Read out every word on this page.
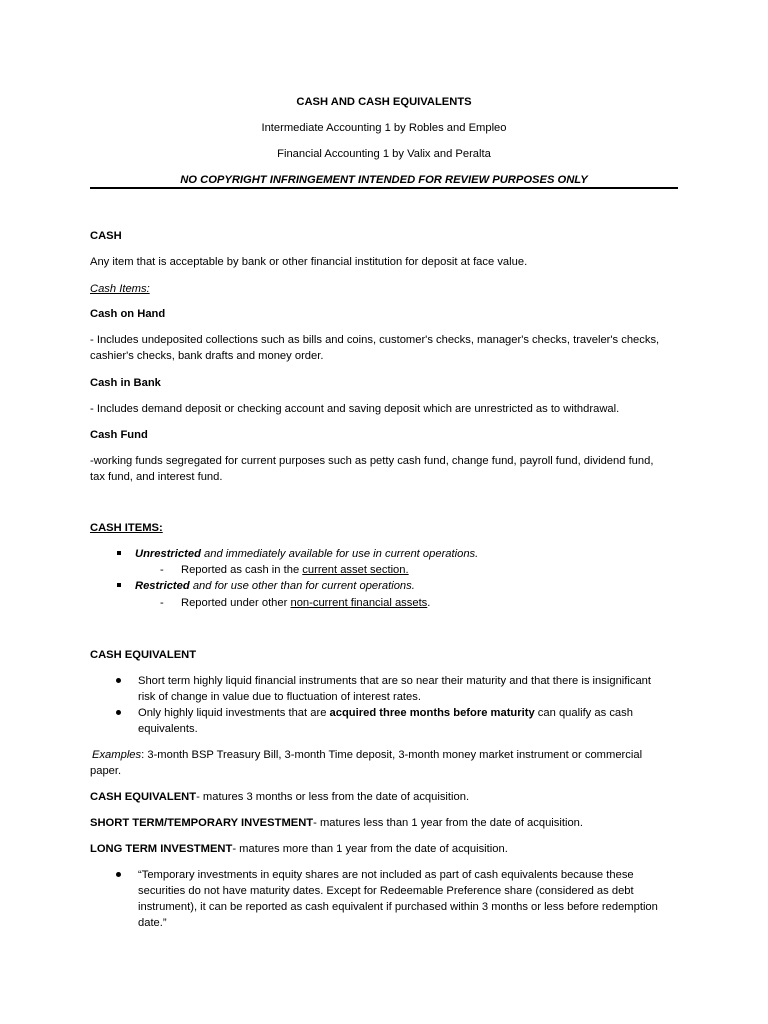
CASH AND CASH EQUIVALENTS
Intermediate Accounting 1 by Robles and Empleo
Financial Accounting 1 by Valix and Peralta
NO COPYRIGHT INFRINGEMENT INTENDED FOR REVIEW PURPOSES ONLY
CASH
Any item that is acceptable by bank or other financial institution for deposit at face value.
Cash Items:
Cash on Hand
- Includes undeposited collections such as bills and coins, customer's checks, manager's checks, traveler's checks,
cashier's checks, bank drafts and money order.
Cash in Bank
- Includes demand deposit or checking account and saving deposit which are unrestricted as to withdrawal.
Cash Fund
-working funds segregated for current purposes such as petty cash fund, change fund, payroll fund, dividend fund,
tax fund, and interest fund.
CASH ITEMS:
Unrestricted and immediately available for use in current operations.
- Reported as cash in the current asset section.
Restricted and for use other than for current operations.
- Reported under other non-current financial assets.
CASH EQUIVALENT
Short term highly liquid financial instruments that are so near their maturity and that there is insignificant
risk of change in value due to fluctuation of interest rates.
Only highly liquid investments that are acquired three months before maturity can qualify as cash
equivalents.
Examples: 3-month BSP Treasury Bill, 3-month Time deposit, 3-month money market instrument or commercial
paper.
CASH EQUIVALENT- matures 3 months or less from the date of acquisition.
SHORT TERM/TEMPORARY INVESTMENT- matures less than 1 year from the date of acquisition.
LONG TERM INVESTMENT- matures more than 1 year from the date of acquisition.
“Temporary investments in equity shares are not included as part of cash equivalents because these
securities do not have maturity dates. Except for Redeemable Preference share (considered as debt
instrument), it can be reported as cash equivalent if purchased within 3 months or less before redemption
date.”
